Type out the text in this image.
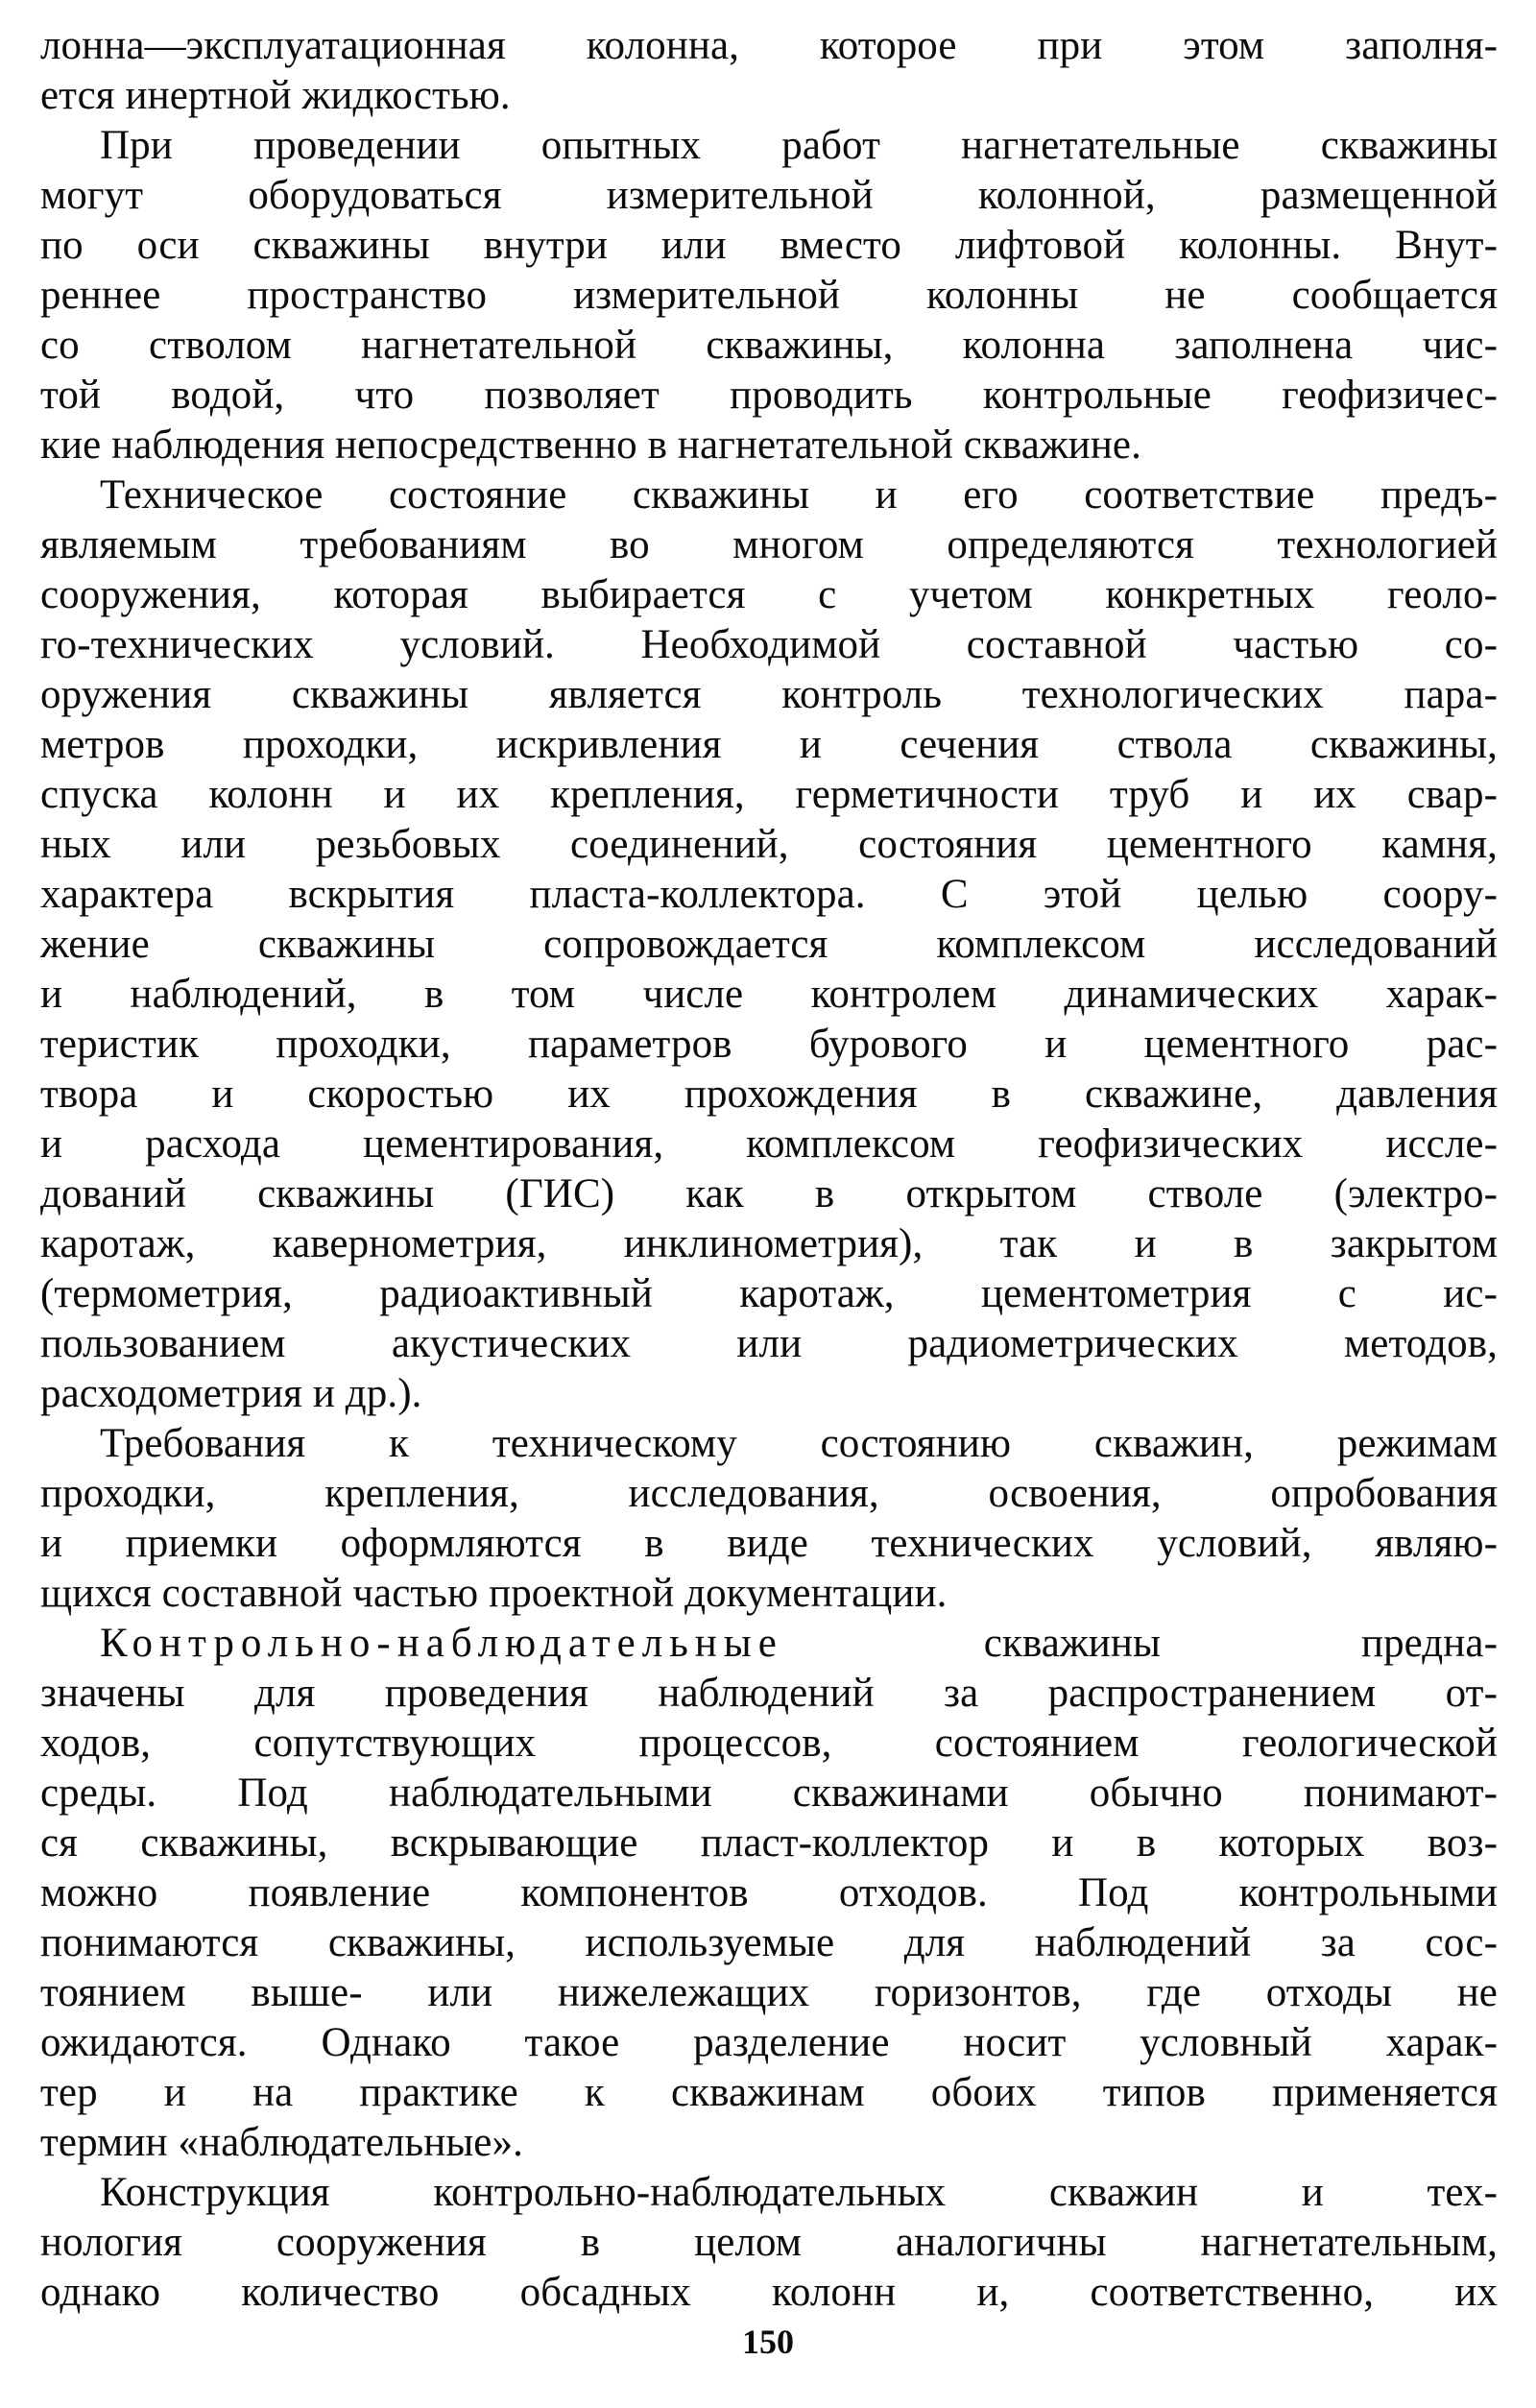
лонна—эксплуатационная колонна, которое при этом заполня-
ется инертной жидкостью.
При проведении опытных работ нагнетательные скважины
могут оборудоваться измерительной колонной, размещенной
по оси скважины внутри или вместо лифтовой колонны. Внут-
реннее пространство измерительной колонны не сообщается
со стволом нагнетательной скважины, колонна заполнена чис-
той водой, что позволяет проводить контрольные геофизичес-
кие наблюдения непосредственно в нагнетательной скважине.
Техническое состояние скважины и его соответствие предъ-
являемым требованиям во многом определяются технологией
сооружения, которая выбирается с учетом конкретных геоло-
го-технических условий. Необходимой составной частью со-
оружения скважины является контроль технологических пара-
метров проходки, искривления и сечения ствола скважины,
спуска колонн и их крепления, герметичности труб и их свар-
ных или резьбовых соединений, состояния цементного камня,
характера вскрытия пласта-коллектора. С этой целью соору-
жение скважины сопровождается комплексом исследований
и наблюдений, в том числе контролем динамических харак-
теристик проходки, параметров бурового и цементного рас-
твора и скоростью их прохождения в скважине, давления
и расхода цементирования, комплексом геофизических иссле-
дований скважины (ГИС) как в открытом стволе (электро-
каротаж, кавернометрия, инклинометрия), так и в закрытом
(термометрия, радиоактивный каротаж, цементометрия с ис-
пользованием акустических или радиометрических методов,
расходометрия и др.).
Требования к техническому состоянию скважин, режимам
проходки, крепления, исследования, освоения, опробования
и приемки оформляются в виде технических условий, являю-
щихся составной частью проектной документации.
Контрольно-наблюдательные скважины предна-
значены для проведения наблюдений за распространением от-
ходов, сопутствующих процессов, состоянием геологической
среды. Под наблюдательными скважинами обычно понимают-
ся скважины, вскрывающие пласт-коллектор и в которых воз-
можно появление компонентов отходов. Под контрольными
понимаются скважины, используемые для наблюдений за сос-
тоянием выше- или нижележащих горизонтов, где отходы не
ожидаются. Однако такое разделение носит условный харак-
тер и на практике к скважинам обоих типов применяется
термин «наблюдательные».
Конструкция контрольно-наблюдательных скважин и тех-
нология сооружения в целом аналогичны нагнетательным,
однако количество обсадных колонн и, соответственно, их
150
